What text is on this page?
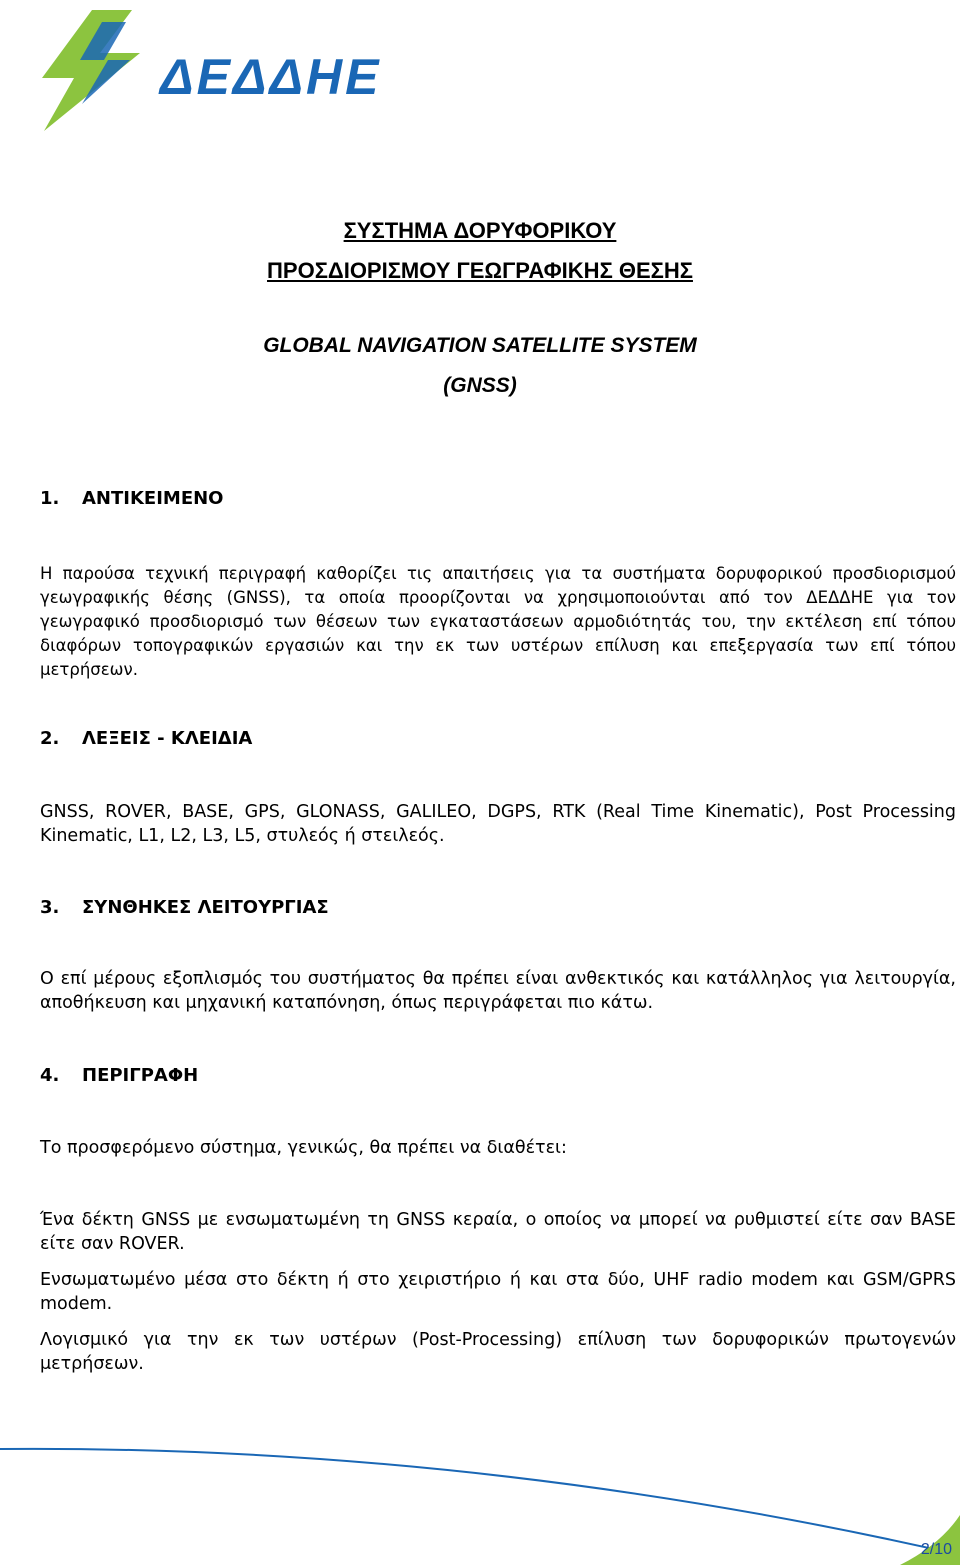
ΔΕΔΔΗΕ
ΣΥΣΤΗΜΑ ΔΟΡΥΦΟΡΙΚΟΥ
ΠΡΟΣΔΙΟΡΙΣΜΟΥ ΓΕΩΓΡΑΦΙΚΗΣ ΘΕΣΗΣ
GLOBAL NAVIGATION SATELLITE SYSTEM
(GNSS)
1. ΑΝΤΙΚΕΙΜΕΝΟ

Η παρούσα τεχνική περιγραφή καθορίζει τις απαιτήσεις για τα συστήματα δορυφορικού προσδιορισμού γεωγραφικής θέσης (GNSS), τα οποία προορίζονται να χρησιμοποιούνται από τον ΔΕΔΔΗΕ για τον γεωγραφικό προσδιορισμό των θέσεων των εγκαταστάσεων αρμοδιότητάς του, την εκτέλεση επί τόπου διαφόρων τοπογραφικών εργασιών και την εκ των υστέρων επίλυση και επεξεργασία των επί τόπου μετρήσεων.

2. ΛΕΞΕΙΣ - ΚΛΕΙΔΙΑ

GNSS, ROVER, BASE, GPS, GLONASS, GALILEO, DGPS, RTK (Real Time Kinematic), Post Processing Kinematic, L1, L2, L3, L5, στυλεός ή στειλεός.

3. ΣΥΝΘΗΚΕΣ ΛΕΙΤΟΥΡΓΙΑΣ

Ο επί μέρους εξοπλισμός του συστήματος θα πρέπει είναι ανθεκτικός και κατάλληλος για λειτουργία, αποθήκευση και μηχανική καταπόνηση, όπως περιγράφεται πιο κάτω.

4. ΠΕΡΙΓΡΑΦΗ

Το προσφερόμενο σύστημα, γενικώς, θα πρέπει να διαθέτει:

Ένα δέκτη GNSS με ενσωματωμένη τη GNSS κεραία, ο οποίος να μπορεί να ρυθμιστεί είτε σαν BASE είτε σαν ROVER.

Ενσωματωμένο μέσα στο δέκτη ή στο χειριστήριο ή και στα δύο, UHF radio modem και GSM/GPRS modem.

Λογισμικό για την εκ των υστέρων (Post-Processing) επίλυση των δορυφορικών πρωτογενών μετρήσεων.

2/10
